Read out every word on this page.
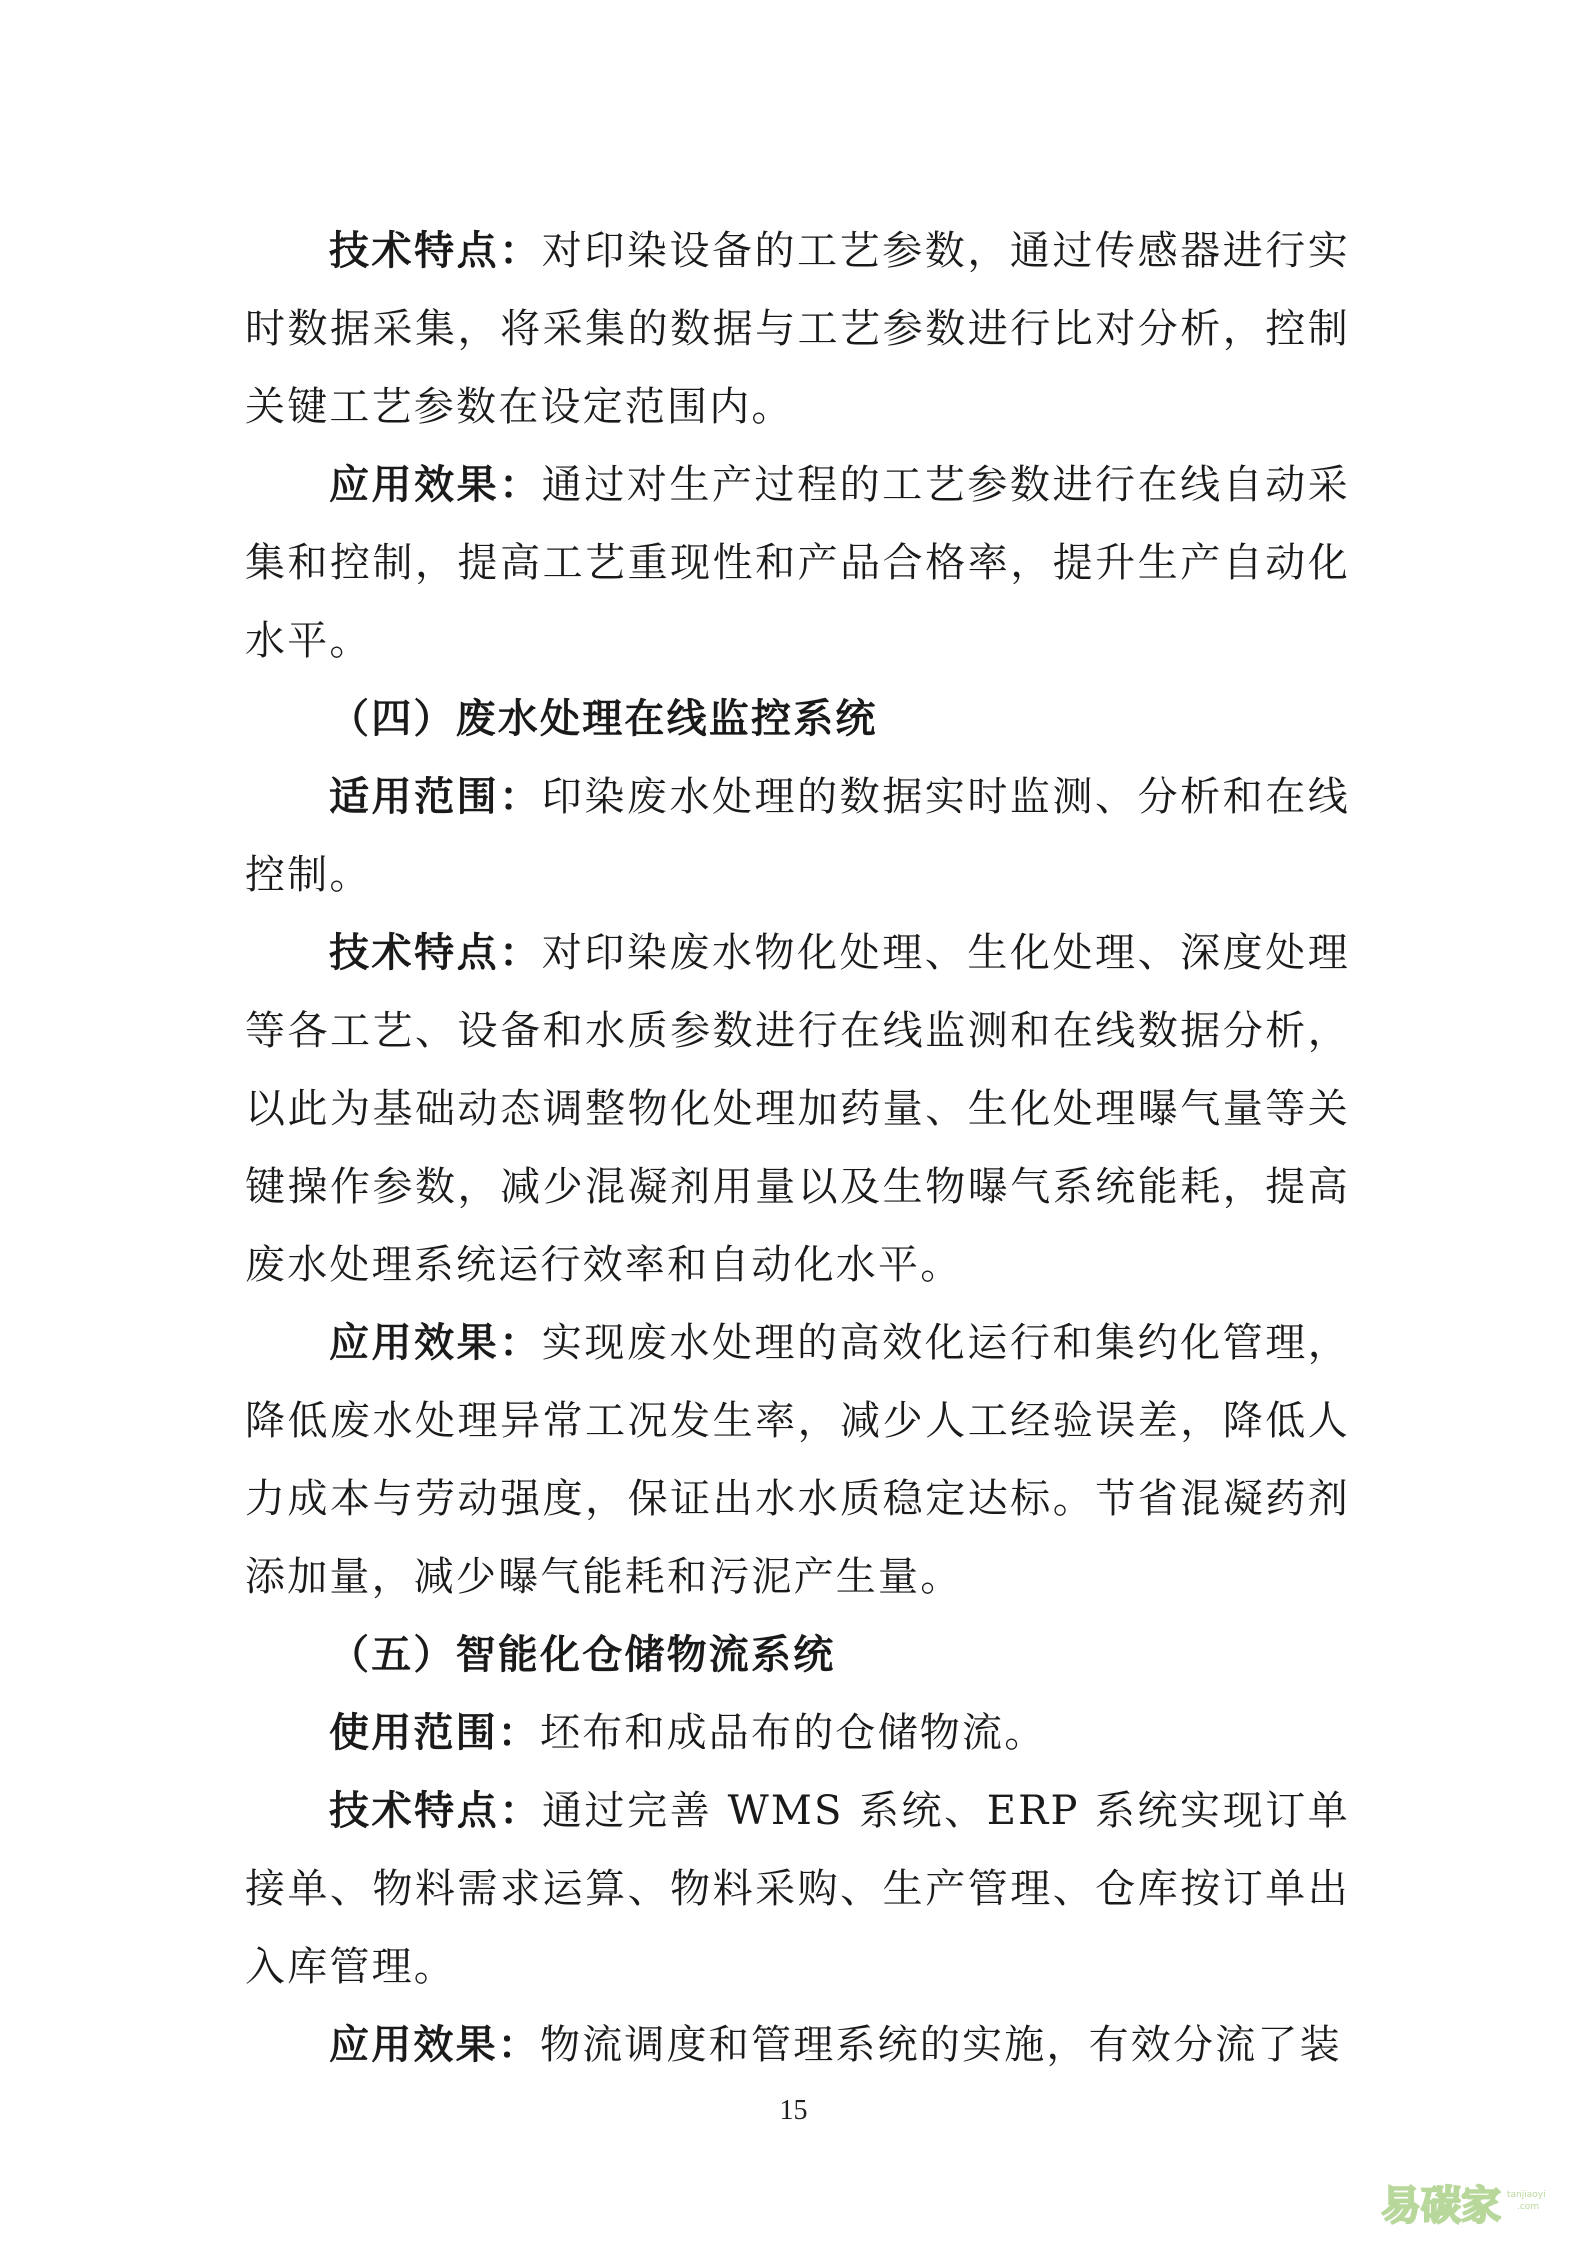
技术特点：对印染设备的工艺参数，通过传感器进行实时数据采集，将采集的数据与工艺参数进行比对分析，控制关键工艺参数在设定范围内。

应用效果：通过对生产过程的工艺参数进行在线自动采集和控制，提高工艺重现性和产品合格率，提升生产自动化水平。

（四）废水处理在线监控系统

适用范围：印染废水处理的数据实时监测、分析和在线控制。

技术特点：对印染废水物化处理、生化处理、深度处理等各工艺、设备和水质参数进行在线监测和在线数据分析，以此为基础动态调整物化处理加药量、生化处理曝气量等关键操作参数，减少混凝剂用量以及生物曝气系统能耗，提高废水处理系统运行效率和自动化水平。

应用效果：实现废水处理的高效化运行和集约化管理，降低废水处理异常工况发生率，减少人工经验误差，降低人力成本与劳动强度，保证出水水质稳定达标。节省混凝药剂添加量，减少曝气能耗和污泥产生量。

（五）智能化仓储物流系统

使用范围：坯布和成品布的仓储物流。

技术特点：通过完善 WMS 系统、ERP 系统实现订单接单、物料需求运算、物料采购、生产管理、仓库按订单出入库管理。

应用效果：物流调度和管理系统的实施，有效分流了装

15
易碳家 tanjiaoyi
.com
